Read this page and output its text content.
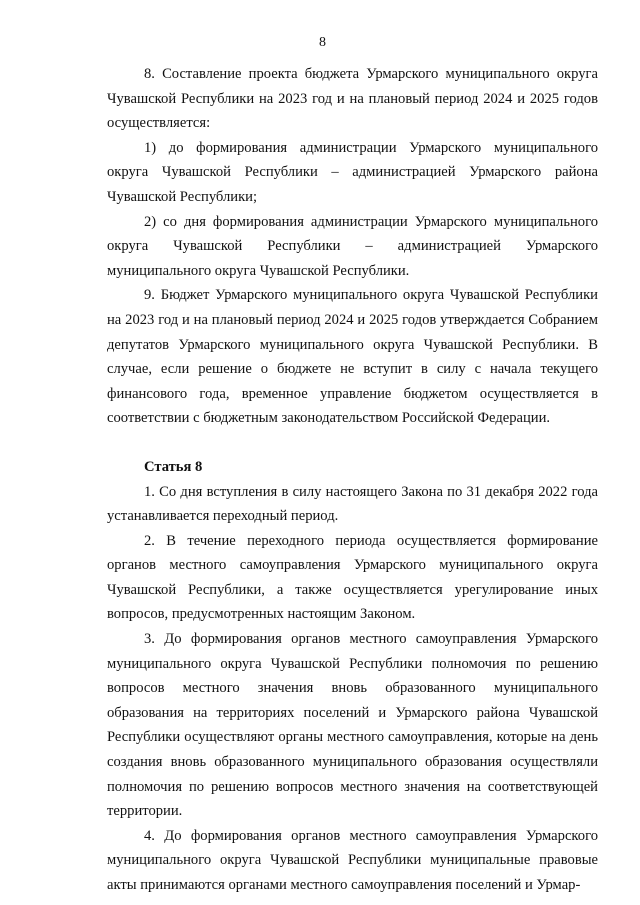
8

8. Составление проекта бюджета Урмарского муниципального округа Чувашской Республики на 2023 год и на плановый период 2024 и 2025 годов осуществляется:

1) до формирования администрации Урмарского муниципального округа Чувашской Республики – администрацией Урмарского района Чувашской Республики;

2) со дня формирования администрации Урмарского муниципального округа Чувашской Республики – администрацией Урмарского муниципального округа Чувашской Республики.

9. Бюджет Урмарского муниципального округа Чувашской Республики на 2023 год и на плановый период 2024 и 2025 годов утверждается Собранием депутатов Урмарского муниципального округа Чувашской Республики. В случае, если решение о бюджете не вступит в силу с начала текущего финансового года, временное управление бюджетом осуществляется в соответствии с бюджетным законодательством Российской Федерации.

Статья 8

1. Со дня вступления в силу настоящего Закона по 31 декабря 2022 года устанавливается переходный период.

2. В течение переходного периода осуществляется формирование органов местного самоуправления Урмарского муниципального округа Чувашской Республики, а также осуществляется урегулирование иных вопросов, предусмотренных настоящим Законом.

3. До формирования органов местного самоуправления Урмарского муниципального округа Чувашской Республики полномочия по решению вопросов местного значения вновь образованного муниципального образования на территориях поселений и Урмарского района Чувашской Республики осуществляют органы местного самоуправления, которые на день создания вновь образованного муниципального образования осуществляли полномочия по решению вопросов местного значения на соответствующей территории.

4. До формирования органов местного самоуправления Урмарского муниципального округа Чувашской Республики муниципальные правовые акты принимаются органами местного самоуправления поселений и Урмар-
